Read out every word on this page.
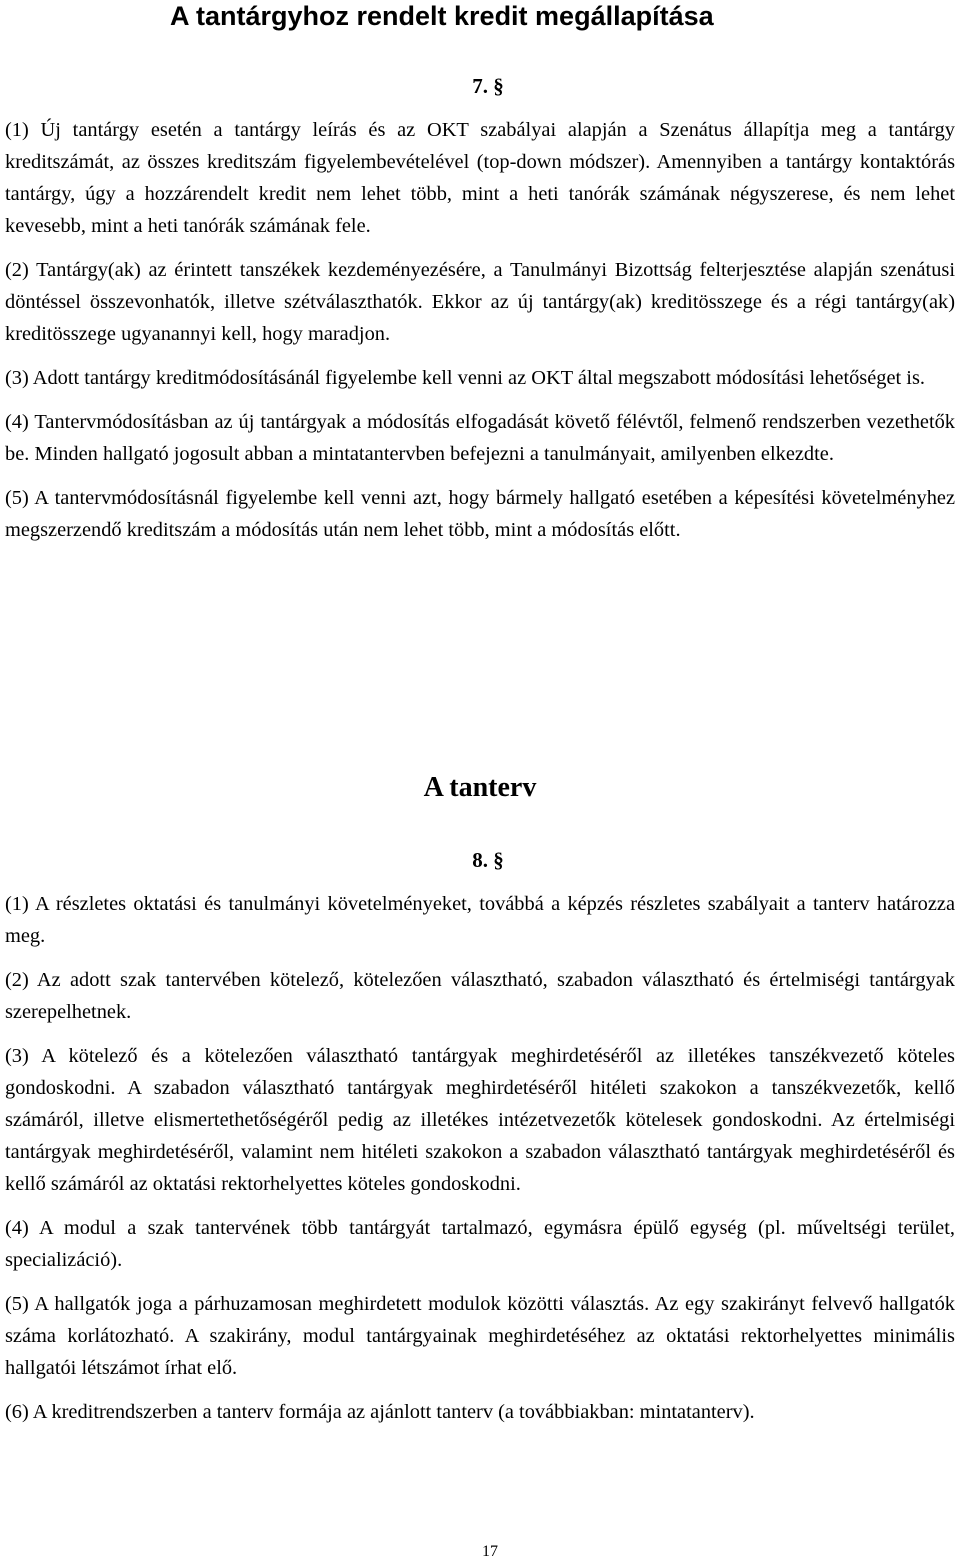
A tantárgyhoz rendelt kredit megállapítása
7. §

(1) Új tantárgy esetén a tantárgy leírás és az OKT szabályai alapján a Szenátus állapítja meg a tantárgy kreditszámát, az összes kreditszám figyelembevételével (top-down módszer). Amennyiben a tantárgy kontaktórás tantárgy, úgy a hozzárendelt kredit nem lehet több, mint a heti tanórák számának négyszerese, és nem lehet kevesebb, mint a heti tanórák számának fele.

(2) Tantárgy(ak) az érintett tanszékek kezdeményezésére, a Tanulmányi Bizottság felterjesztése alapján szenátusi döntéssel összevonhatók, illetve szétválaszthatók. Ekkor az új tantárgy(ak) kreditösszege és a régi tantárgy(ak) kreditösszege ugyanannyi kell, hogy maradjon.

(3) Adott tantárgy kreditmódosításánál figyelembe kell venni az OKT által megszabott módosítási lehetőséget is.

(4) Tantervmódosításban az új tantárgyak a módosítás elfogadását követő félévtől, felmenő rendszerben vezethetők be. Minden hallgató jogosult abban a mintatantervben befejezni a tanulmányait, amilyenben elkezdte.

(5) A tantervmódosításnál figyelembe kell venni azt, hogy bármely hallgató esetében a képesítési követelményhez megszerzendő kreditszám a módosítás után nem lehet több, mint a módosítás előtt.

A tanterv
8. §

(1) A részletes oktatási és tanulmányi követelményeket, továbbá a képzés részletes szabályait a tanterv határozza meg.

(2) Az adott szak tantervében kötelező, kötelezően választható, szabadon választható és értelmiségi tantárgyak szerepelhetnek.

(3) A kötelező és a kötelezően választható tantárgyak meghirdetéséről az illetékes tanszékvezető köteles gondoskodni. A szabadon választható tantárgyak meghirdetéséről hitéleti szakokon a tanszékvezetők, kellő számáról, illetve elismertethetőségéről pedig az illetékes intézetvezetők kötelesek gondoskodni. Az értelmiségi tantárgyak meghirdetéséről, valamint nem hitéleti szakokon a szabadon választható tantárgyak meghirdetéséről és kellő számáról az oktatási rektorhelyettes köteles gondoskodni.

(4) A modul a szak tantervének több tantárgyát tartalmazó, egymásra épülő egység (pl. műveltségi terület, specializáció).

(5) A hallgatók joga a párhuzamosan meghirdetett modulok közötti választás. Az egy szakirányt felvevő hallgatók száma korlátozható. A szakirány, modul tantárgyainak meghirdetéséhez az oktatási rektorhelyettes minimális hallgatói létszámot írhat elő.

(6) A kreditrendszerben a tanterv formája az ajánlott tanterv (a továbbiakban: mintatanterv).

17
